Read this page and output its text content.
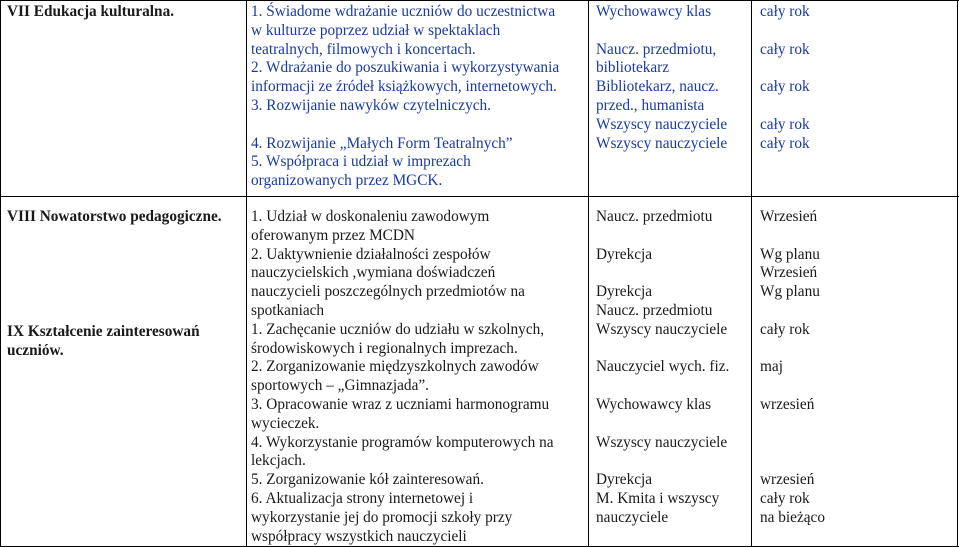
VII Edukacja kulturalna.	1. Świadome wdrażanie uczniów do uczestnictwa
w kulturze poprzez udział w spektaklach
teatralnych, filmowych i koncertach.
2. Wdrażanie do poszukiwania i wykorzystywania
informacji ze źródeł książkowych, internetowych.
3. Rozwijanie nawyków czytelniczych.
4. Rozwijanie „Małych Form Teatralnych”
5. Współpraca i udział w imprezach
organizowanych przez MGCK.
Wychowawcy klas
Naucz. przedmiotu,
bibliotekarz
Bibliotekarz, naucz.
przed., humanista
Wszyscy nauczyciele
Wszyscy nauczyciele
cały rok
cały rok
cały rok
cały rok
cały rok
VIII Nowatorstwo pedagogiczne.
IX Kształcenie zainteresowań
uczniów.
1. Udział w doskonaleniu zawodowym
oferowanym przez MCDN
2. Uaktywnienie działalności zespołów
nauczycielskich ,wymiana doświadczeń
nauczycieli poszczególnych przedmiotów na
spotkaniach
1. Zachęcanie uczniów do udziału w szkolnych,
środowiskowych i regionalnych imprezach.
2. Zorganizowanie międzyszkolnych zawodów
sportowych – „Gimnazjada”.
3. Opracowanie wraz z uczniami harmonogramu
wycieczek.
4. Wykorzystanie programów komputerowych na
lekcjach.
5. Zorganizowanie kół zainteresowań.
6. Aktualizacja strony internetowej i
wykorzystanie jej do promocji szkoły przy
współpracy wszystkich nauczycieli
Naucz. przedmiotu
Dyrekcja
Dyrekcja
Naucz. przedmiotu
Wszyscy nauczyciele
Nauczyciel wych. fiz.
Wychowawcy klas
Wszyscy nauczyciele
Dyrekcja
M. Kmita i wszyscy
nauczyciele
Wrzesień
Wg planu
Wrzesień
Wg planu
cały rok
maj
wrzesień
wrzesień
cały rok
na bieżąco
